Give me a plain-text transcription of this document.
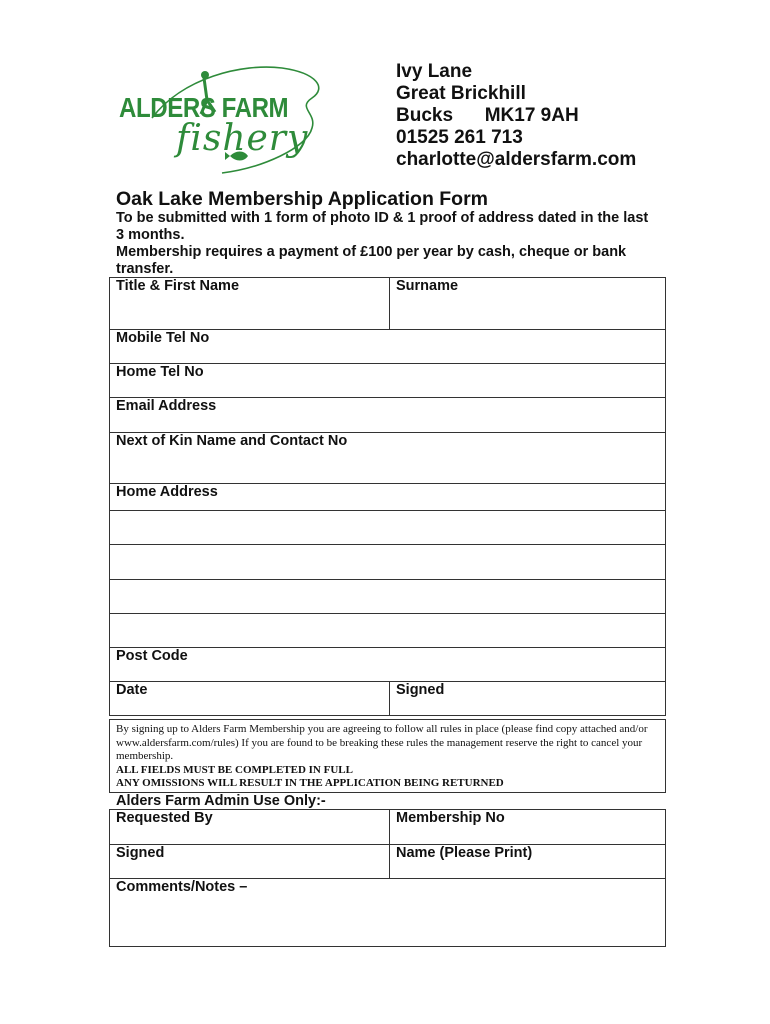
ALDERS FARM
fishery
Ivy Lane
Great Brickhill
Bucks      MK17 9AH
01525 261 713
charlotte@aldersfarm.com
Oak Lake Membership Application Form
To be submitted with 1 form of photo ID & 1 proof of address dated in the last 3 months.
Membership requires a payment of £100 per year by cash, cheque or bank transfer.
Title & First Name	Surname

Mobile Tel No	

Home Tel No	

Email Address	

Next of Kin Name and Contact No	

Home Address	

Post Code	

Date	Signed
By signing up to Alders Farm Membership you are agreeing to follow all rules in place (please find copy attached and/or www.aldersfarm.com/rules) If you are found to be breaking these rules the management reserve the right to cancel your membership.
ALL FIELDS MUST BE COMPLETED IN FULL
ANY OMISSIONS WILL RESULT IN THE APPLICATION BEING RETURNED
Alders Farm Admin Use Only:-
Requested By	Membership No

Signed	Name (Please Print)

Comments/Notes –	
